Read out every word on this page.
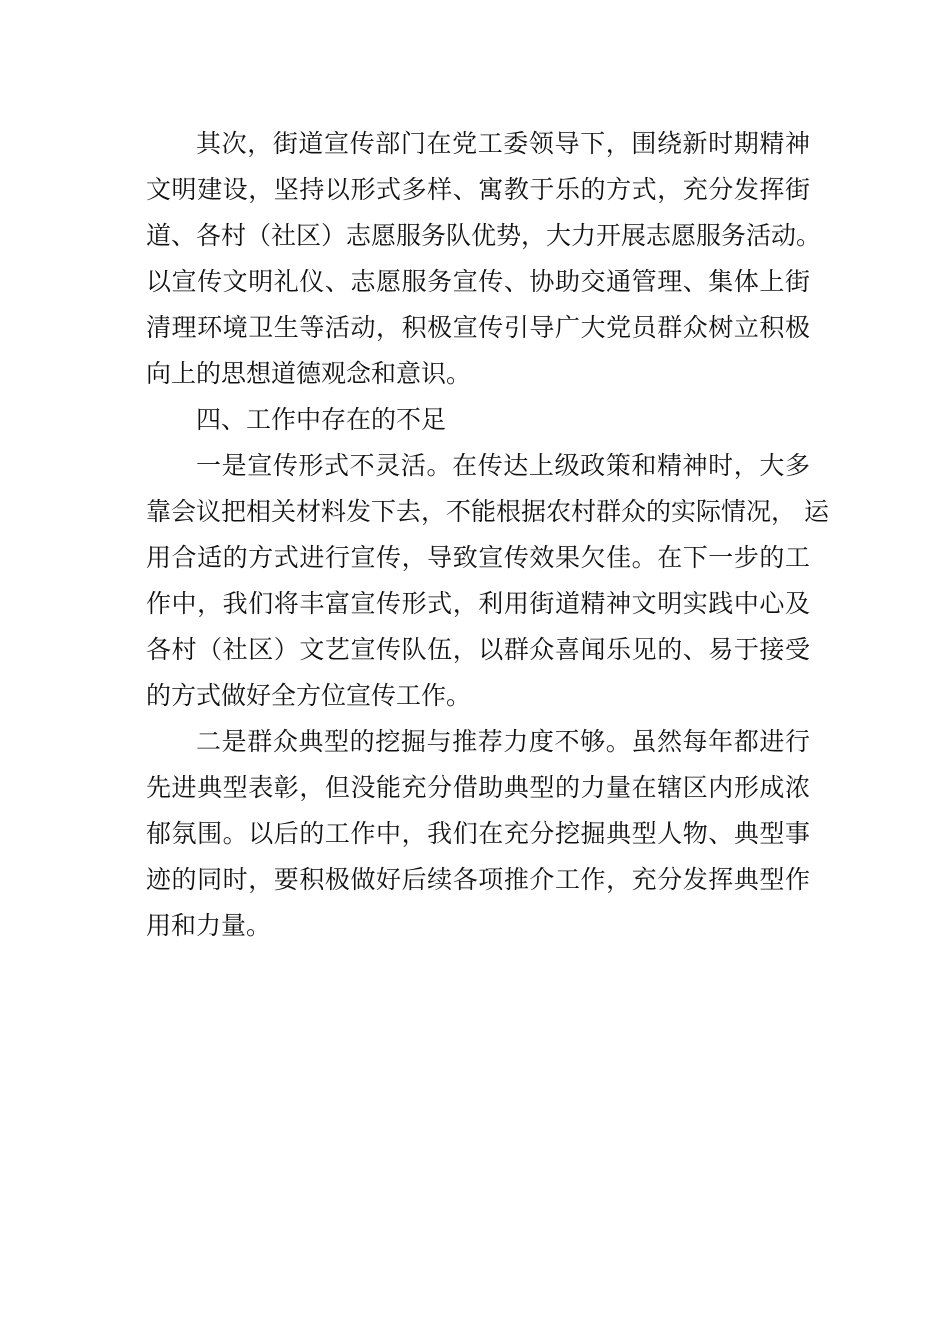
其次，街道宣传部门在党工委领导下，围绕新时期精神
文明建设，坚持以形式多样、寓教于乐的方式，充分发挥街
道、各村（社区）志愿服务队优势，大力开展志愿服务活动。
以宣传文明礼仪、志愿服务宣传、协助交通管理、集体上街
清理环境卫生等活动，积极宣传引导广大党员群众树立积极
向上的思想道德观念和意识。
四、工作中存在的不足
一是宣传形式不灵活。在传达上级政策和精神时，大多
靠会议把相关材料发下去，不能根据农村群众的实际情况， 运
用合适的方式进行宣传，导致宣传效果欠佳。在下一步的工
作中，我们将丰富宣传形式，利用街道精神文明实践中心及
各村（社区）文艺宣传队伍，以群众喜闻乐见的、易于接受
的方式做好全方位宣传工作。
二是群众典型的挖掘与推荐力度不够。虽然每年都进行
先进典型表彰，但没能充分借助典型的力量在辖区内形成浓
郁氛围。以后的工作中，我们在充分挖掘典型人物、典型事
迹的同时，要积极做好后续各项推介工作，充分发挥典型作
用和力量。
